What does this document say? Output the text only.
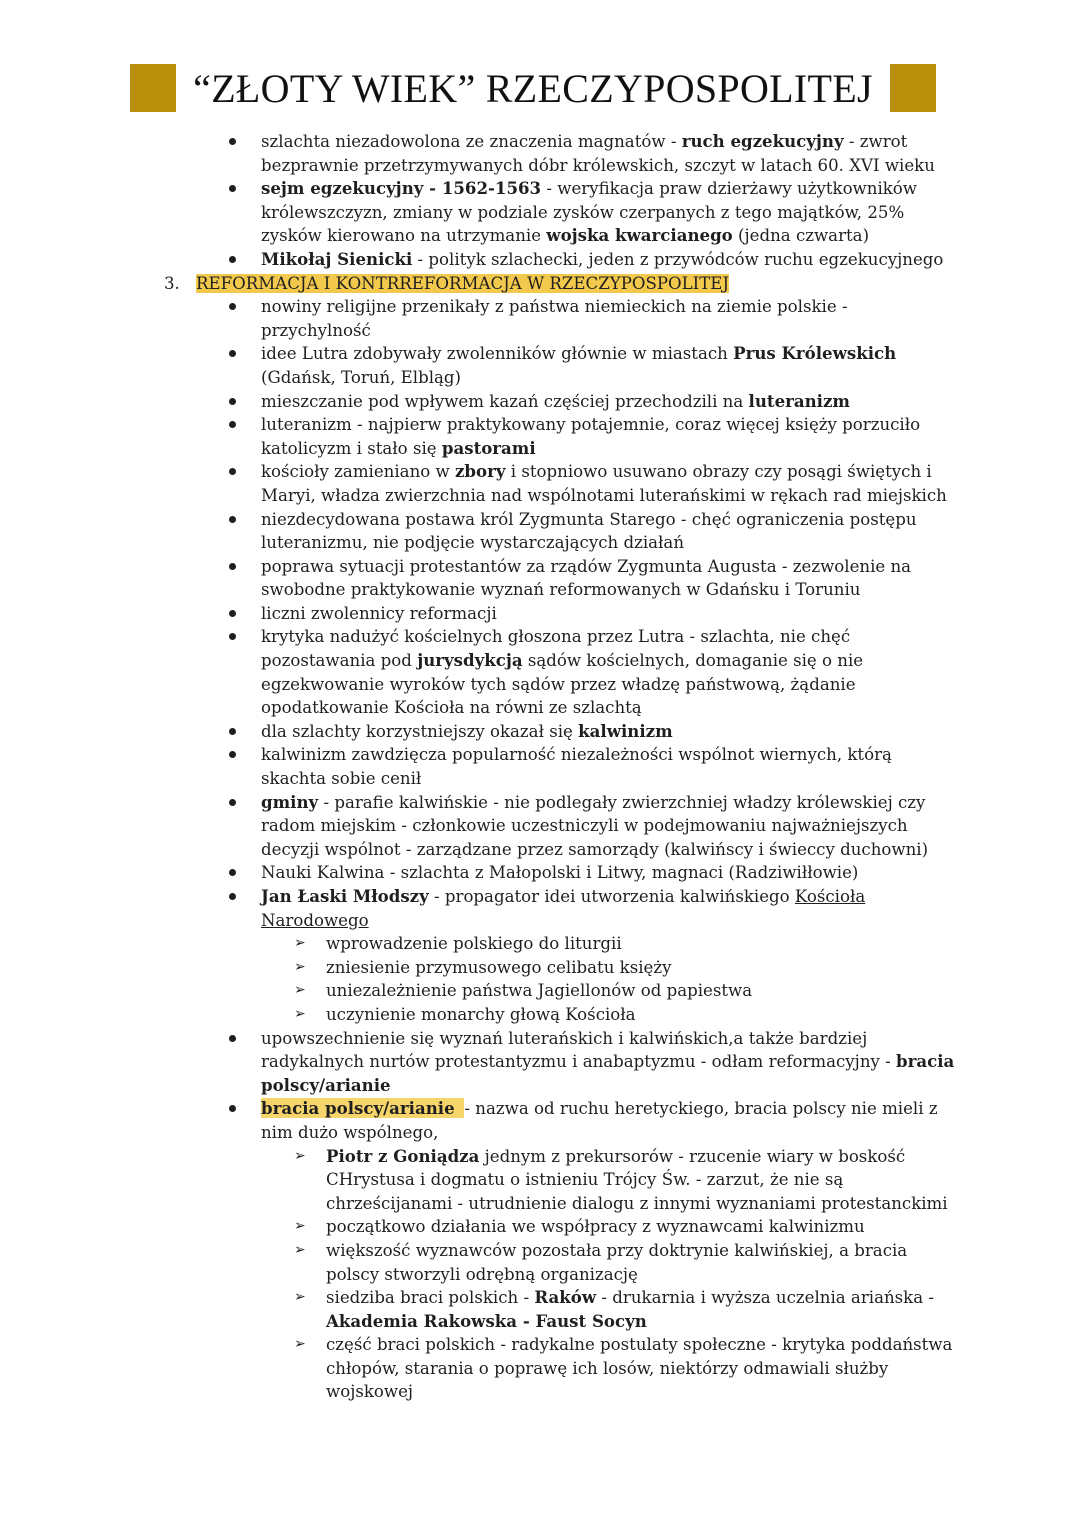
“ZŁOTY WIEK” RZECZYPOSPOLITEJ
szlachta niezadowolona ze znaczenia magnatów - ruch egzekucyjny - zwrot bezprawnie przetrzymywanych dóbr królewskich, szczyt w latach 60. XVI wieku
sejm egzekucyjny - 1562-1563 - weryfikacja praw dzierżawy użytkowników królewszczyzn, zmiany w podziale zysków czerpanych z tego majątków, 25% zysków kierowano na utrzymanie wojska kwarcianego (jedna czwarta)
Mikołaj Sienicki - polityk szlachecki, jeden z przywódców ruchu egzekucyjnego
3. REFORMACJA I KONTRREFORMACJA W RZECZYPOSPOLITEJ
nowiny religijne przenikały z państwa niemieckich na ziemie polskie - przychylność
idee Lutra zdobywały zwolenników głównie w miastach Prus Królewskich (Gdańsk, Toruń, Elbląg)
mieszczanie pod wpływem kazań częściej przechodzili na luteranizm
luteranizm - najpierw praktykowany potajemnie, coraz więcej księży porzuciło katolicyzm i stało się pastorami
kościoły zamieniano w zbory i stopniowo usuwano obrazy czy posągi świętych i Maryi, władza zwierzchnia nad wspólnotami luterańskimi w rękach rad miejskich
niezdecydowana postawa król Zygmunta Starego - chęć ograniczenia postępu luteranizmu, nie podjęcie wystarczających działań
poprawa sytuacji protestantów za rządów Zygmunta Augusta - zezwolenie na swobodne praktykowanie wyznań reformowanych w Gdańsku i Toruniu
liczni zwolennicy reformacji
krytyka nadużyć kościelnych głoszona przez Lutra - szlachta, nie chęć pozostawania pod jurysdykcją sądów kościelnych, domaganie się o nie egzekwowanie wyroków tych sądów przez władzę państwową, żądanie opodatkowanie Kościoła na równi ze szlachtą
dla szlachty korzystniejszy okazał się kalwinizm
kalwinizm zawdzięcza popularność niezależności wspólnot wiernych, którą skachta sobie cenił
gminy - parafie kalwińskie - nie podlegały zwierzchniej władzy królewskiej czy radom miejskim - członkowie uczestniczyli w podejmowaniu najważniejszych decyzji wspólnot - zarządzane przez samorządy (kalwińscy i świeccy duchowni)
Nauki Kalwina - szlachta z Małopolski i Litwy, magnaci (Radziwiłłowie)
Jan Łaski Młodszy - propagator idei utworzenia kalwińskiego Kościoła Narodowego
➢ wprowadzenie polskiego do liturgii
➢ zniesienie przymusowego celibatu księży
➢ uniezależnienie państwa Jagiellonów od papiestwa
➢ uczynienie monarchy głową Kościoła
upowszechnienie się wyznań luterańskich i kalwińskich,a także bardziej radykalnych nurtów protestantyzmu i anabaptyzmu - odłam reformacyjny - bracia polscy/arianie
bracia polscy/arianie - nazwa od ruchu heretyckiego, bracia polscy nie mieli z nim dużo wspólnego,
➢ Piotr z Goniądza jednym z prekursorów - rzucenie wiary w boskość CHrystusa i dogmatu o istnieniu Trójcy Św. - zarzut, że nie są chrześcijanami - utrudnienie dialogu z innymi wyznaniami protestanckimi
➢ początkowo działania we współpracy z wyznawcami kalwinizmu
➢ większość wyznawców pozostała przy doktrynie kalwińskiej, a bracia polscy stworzyli odrębną organizację
➢ siedziba braci polskich - Raków - drukarnia i wyższa uczelnia ariańska -Akademia Rakowska - Faust Socyn
➢ część braci polskich - radykalne postulaty społeczne - krytyka poddaństwa chłopów, starania o poprawę ich losów, niektórzy odmawiali służby wojskowej
